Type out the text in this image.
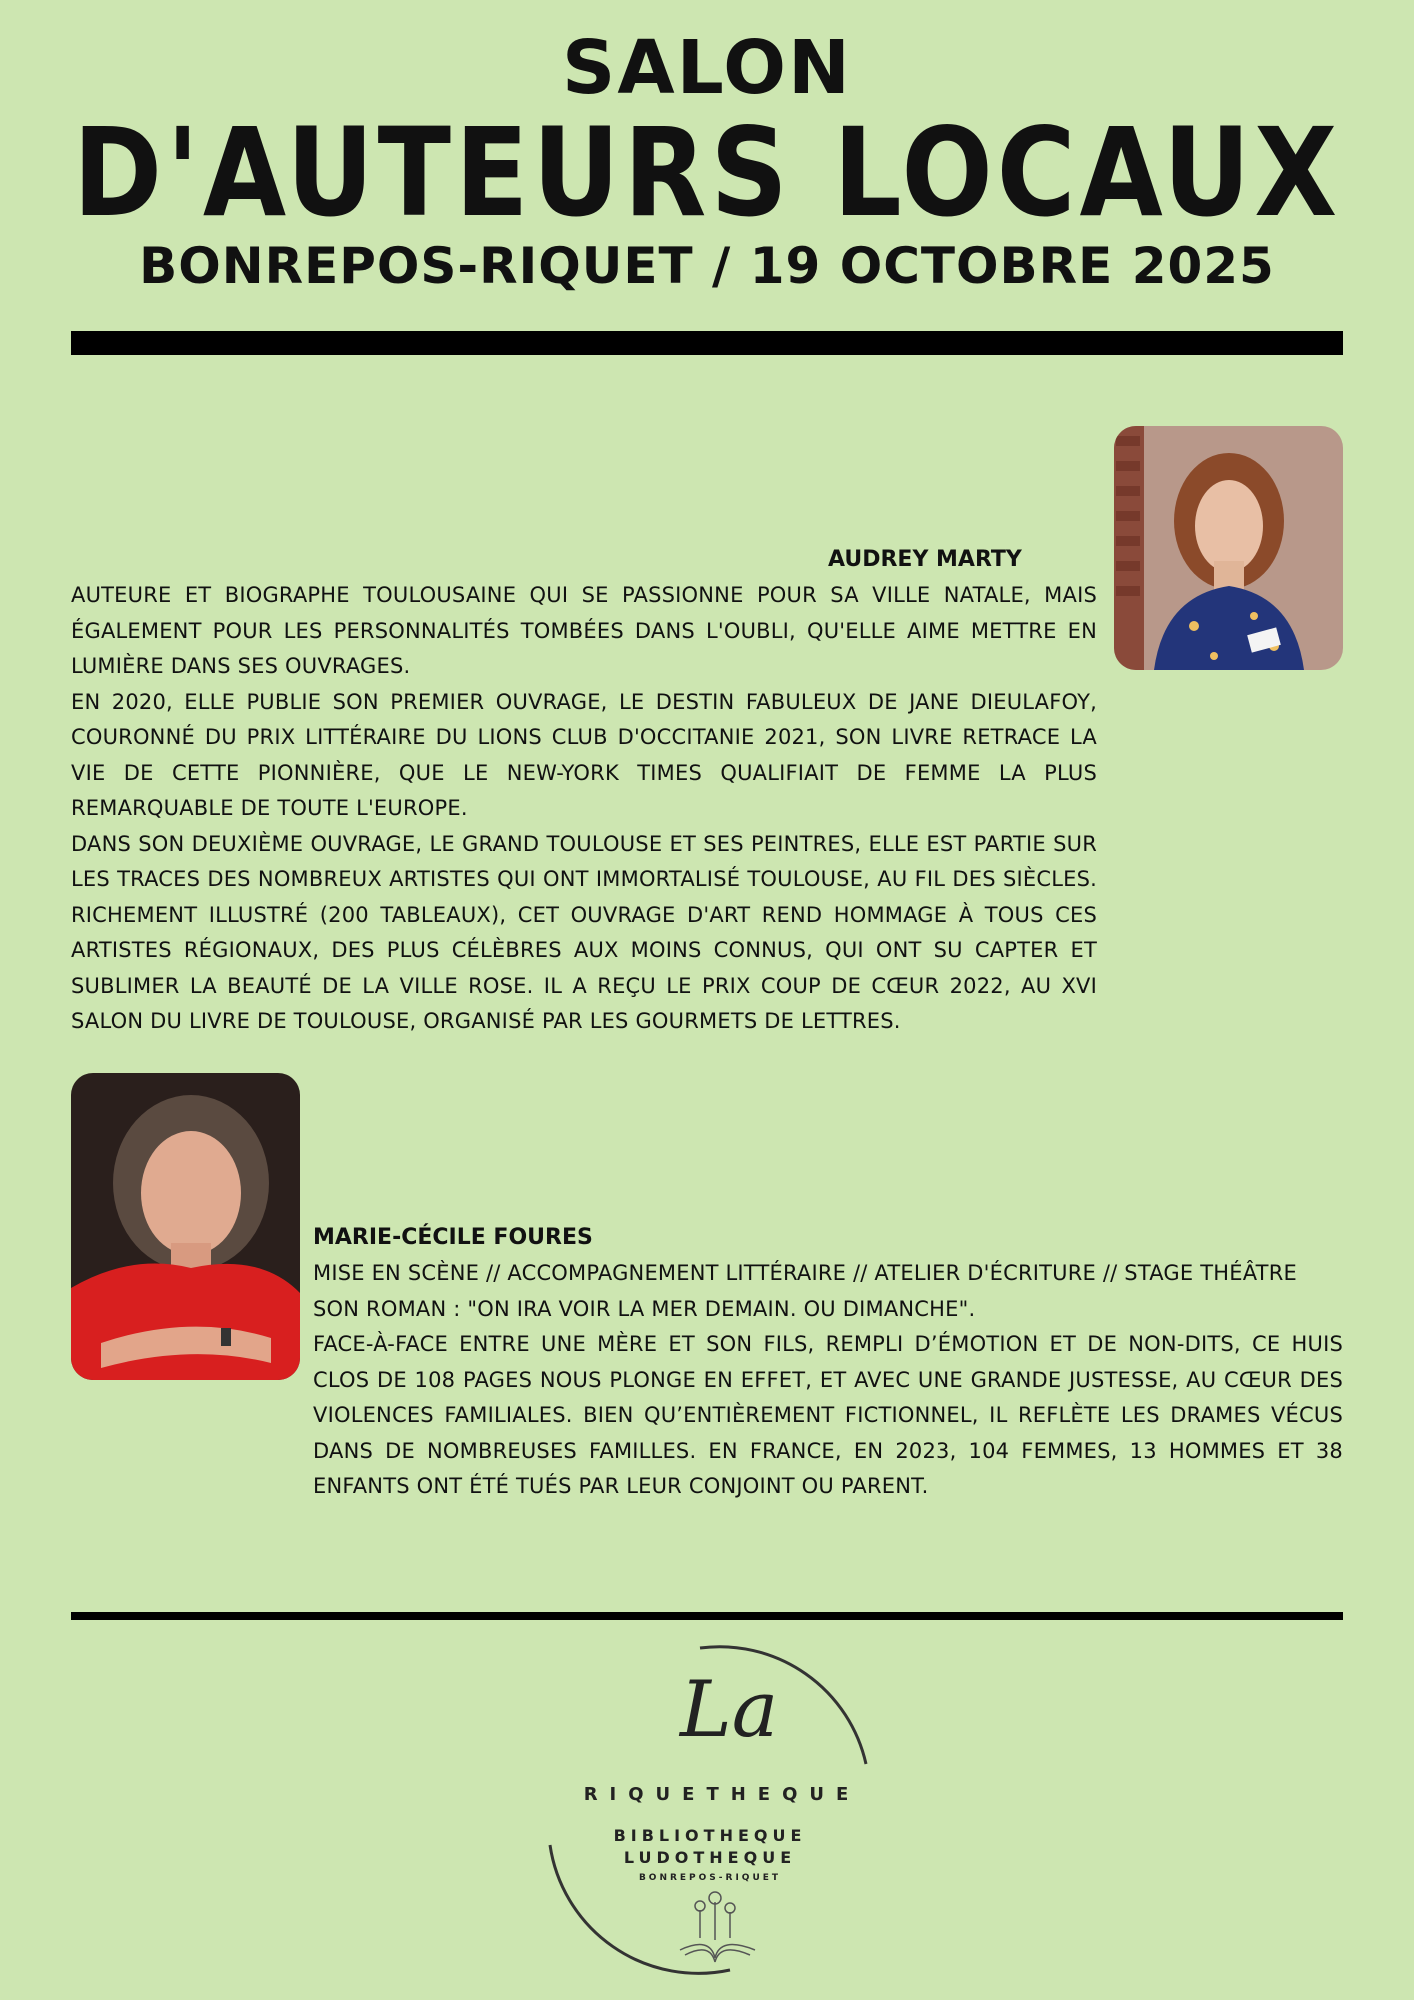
SALON
D'AUTEURS LOCAUX
BONREPOS-RIQUET / 19 OCTOBRE 2025
AUDREY MARTY

AUTEURE ET BIOGRAPHE TOULOUSAINE QUI SE PASSIONNE POUR SA VILLE NATALE, MAIS ÉGALEMENT POUR LES PERSONNALITÉS TOMBÉES DANS L'OUBLI, QU'ELLE AIME METTRE EN LUMIÈRE DANS SES OUVRAGES.

EN 2020, ELLE PUBLIE SON PREMIER OUVRAGE, LE DESTIN FABULEUX DE JANE DIEULAFOY, COURONNÉ DU PRIX LITTÉRAIRE DU LIONS CLUB D'OCCITANIE 2021, SON LIVRE RETRACE LA VIE DE CETTE PIONNIÈRE, QUE LE NEW-YORK TIMES QUALIFIAIT DE FEMME LA PLUS REMARQUABLE DE TOUTE L'EUROPE.

DANS SON DEUXIÈME OUVRAGE, LE GRAND TOULOUSE ET SES PEINTRES, ELLE EST PARTIE SUR LES TRACES DES NOMBREUX ARTISTES QUI ONT IMMORTALISÉ TOULOUSE, AU FIL DES SIÈCLES. RICHEMENT ILLUSTRÉ (200 TABLEAUX), CET OUVRAGE D'ART REND HOMMAGE À TOUS CES ARTISTES RÉGIONAUX, DES PLUS CÉLÈBRES AUX MOINS CONNUS, QUI ONT SU CAPTER ET SUBLIMER LA BEAUTÉ DE LA VILLE ROSE. IL A REÇU LE PRIX COUP DE CŒUR 2022, AU XVI SALON DU LIVRE DE TOULOUSE, ORGANISÉ PAR LES GOURMETS DE LETTRES.

MARIE-CÉCILE FOURES

MISE EN SCÈNE // ACCOMPAGNEMENT LITTÉRAIRE // ATELIER D'ÉCRITURE // STAGE THÉÂTRE

SON ROMAN : "ON IRA VOIR LA MER DEMAIN. OU DIMANCHE".

FACE-À-FACE ENTRE UNE MÈRE ET SON FILS, REMPLI D’ÉMOTION ET DE NON-DITS, CE HUIS CLOS DE 108 PAGES NOUS PLONGE EN EFFET, ET AVEC UNE GRANDE JUSTESSE, AU CŒUR DES VIOLENCES FAMILIALES. BIEN QU’ENTIÈREMENT FICTIONNEL, IL REFLÈTE LES DRAMES VÉCUS DANS DE NOMBREUSES FAMILLES. EN FRANCE, EN 2023, 104 FEMMES, 13 HOMMES ET 38 ENFANTS ONT ÉTÉ TUÉS PAR LEUR CONJOINT OU PARENT.

La
RIQUETHEQUE
BIBLIOTHEQUE
LUDOTHEQUE
BONREPOS-RIQUET
